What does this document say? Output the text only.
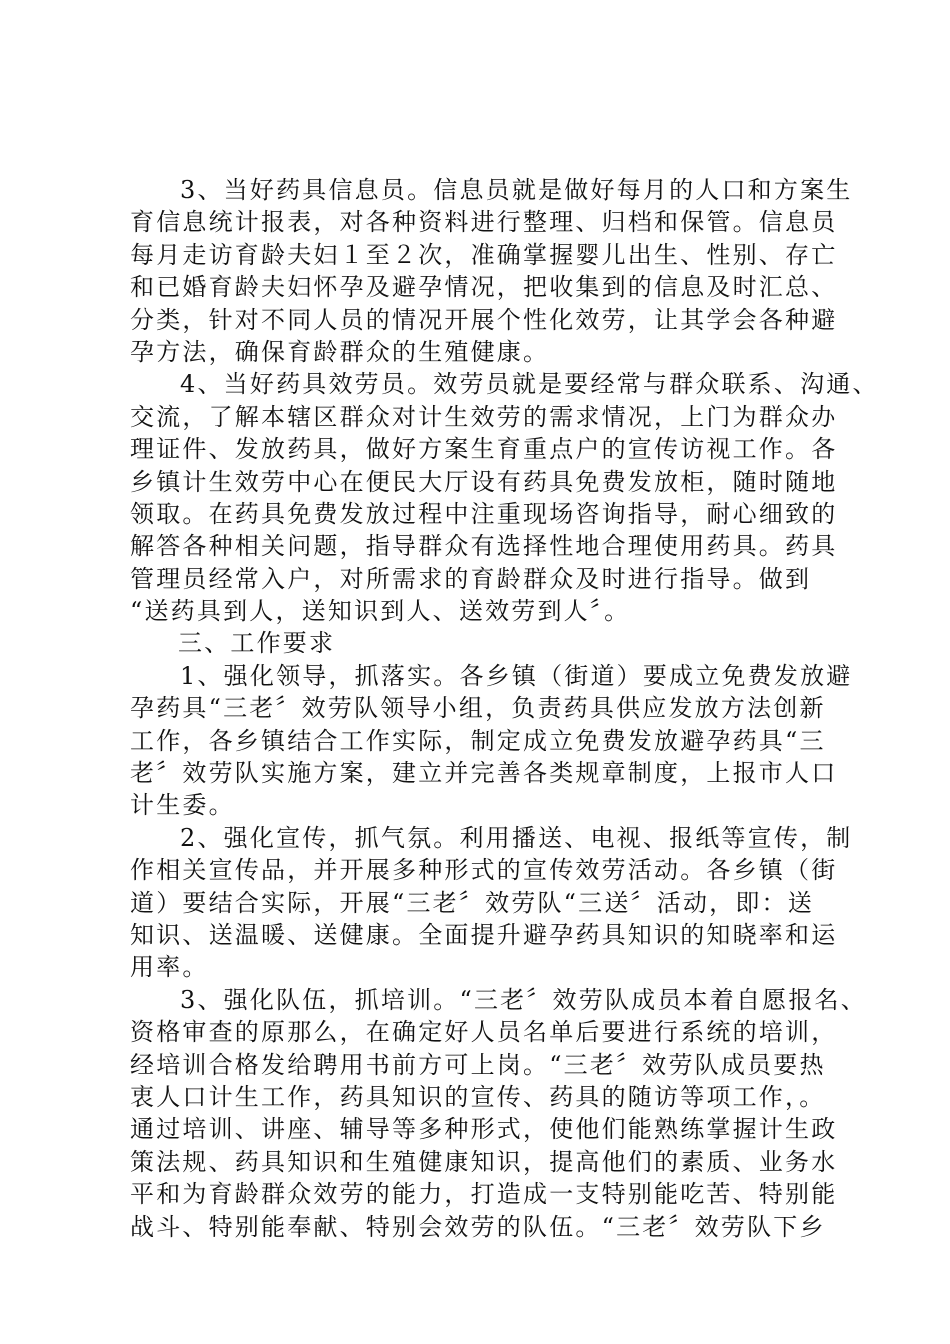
3、当好药具信息员。信息员就是做好每月的人口和方案生
育信息统计报表，对各种资料进行整理、归档和保管。信息员
每月走访育龄夫妇１至２次，准确掌握婴儿出生、性别、存亡
和已婚育龄夫妇怀孕及避孕情况，把收集到的信息及时汇总、
分类，针对不同人员的情况开展个性化效劳，让其学会各种避
孕方法，确保育龄群众的生殖健康。
4、当好药具效劳员。效劳员就是要经常与群众联系、沟通、
交流，了解本辖区群众对计生效劳的需求情况，上门为群众办
理证件、发放药具，做好方案生育重点户的宣传访视工作。各
乡镇计生效劳中心在便民大厅设有药具免费发放柜，随时随地
领取。在药具免费发放过程中注重现场咨询指导，耐心细致的
解答各种相关问题，指导群众有选择性地合理使用药具。药具
管理员经常入户，对所需求的育龄群众及时进行指导。做到
“送药具到人，送知识到人、送效劳到人〞。
三、工作要求
1、强化领导，抓落实。各乡镇（街道）要成立免费发放避
孕药具“三老〞效劳队领导小组，负责药具供应发放方法创新
工作，各乡镇结合工作实际，制定成立免费发放避孕药具“三
老〞效劳队实施方案，建立并完善各类规章制度，上报市人口
计生委。
2、强化宣传，抓气氛。利用播送、电视、报纸等宣传，制
作相关宣传品，并开展多种形式的宣传效劳活动。各乡镇（街
道）要结合实际，开展“三老〞效劳队“三送〞活动，即：送
知识、送温暖、送健康。全面提升避孕药具知识的知晓率和运
用率。
3、强化队伍，抓培训。“三老〞效劳队成员本着自愿报名、
资格审查的原那么，在确定好人员名单后要进行系统的培训，
经培训合格发给聘用书前方可上岗。“三老〞效劳队成员要热
衷人口计生工作，药具知识的宣传、药具的随访等项工作，。
通过培训、讲座、辅导等多种形式，使他们能熟练掌握计生政
策法规、药具知识和生殖健康知识，提高他们的素质、业务水
平和为育龄群众效劳的能力，打造成一支特别能吃苦、特别能
战斗、特别能奉献、特别会效劳的队伍。“三老〞效劳队下乡
